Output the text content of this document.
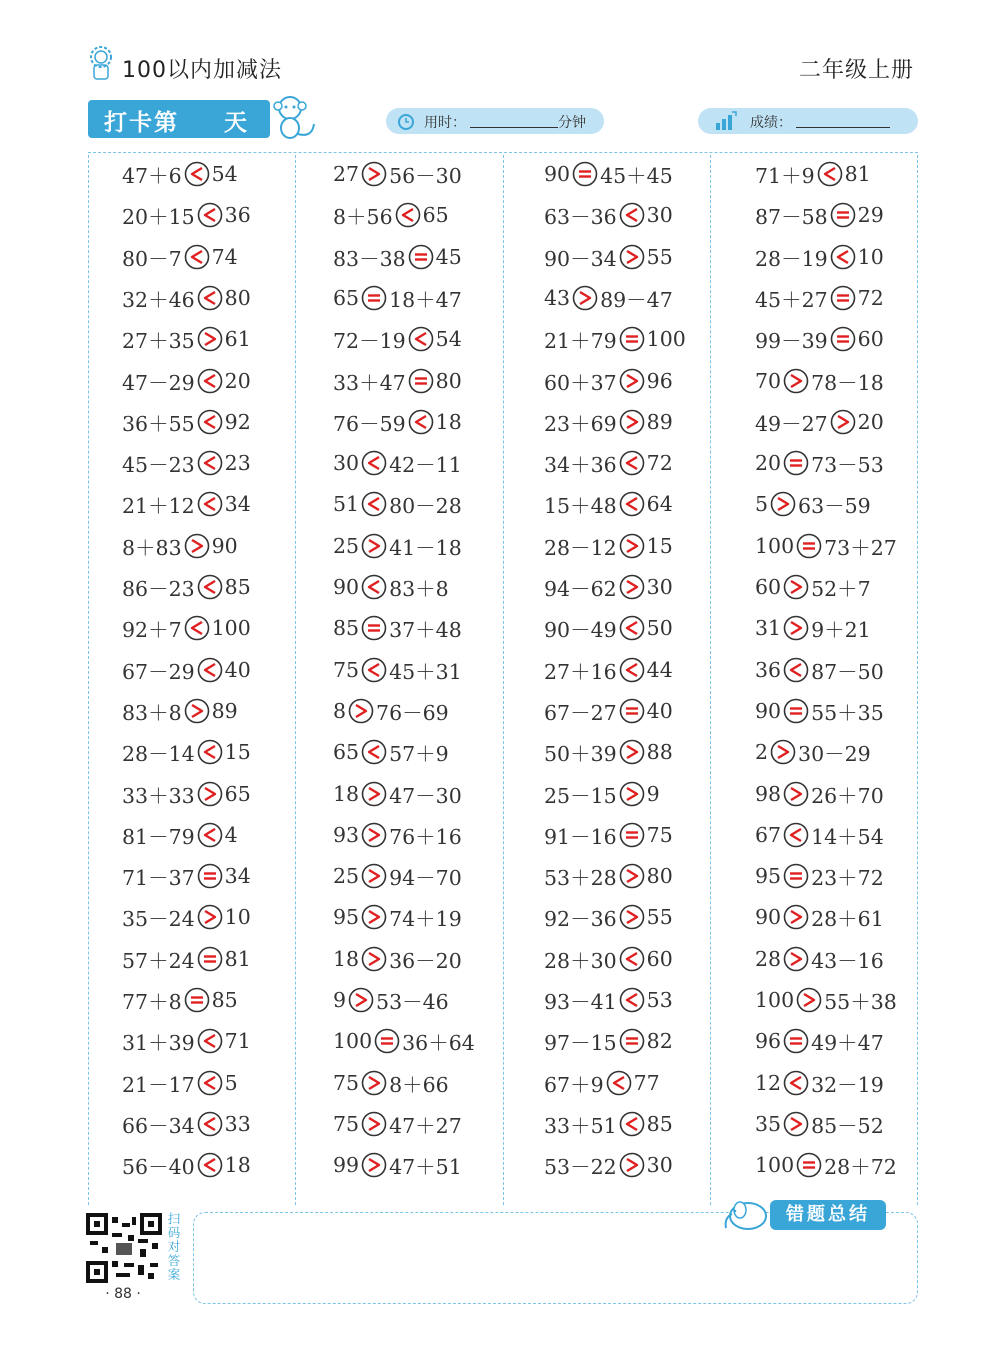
100以内加减法	二年级上册
打卡第 天	用时：	分钟	成绩：
47＋6 54
20＋15 36
80－7 74
32＋46 80
27＋35 61
47－29 20
36＋55 92
45－23 23
21＋12 34
8＋83 90
86－23 85
92＋7 100
67－29 40
83＋8 89
28－14 15
33＋33 65
81－79 4
71－37 34
35－24 10
57＋24 81
77＋8 85
31＋39 71
21－17 5
66－34 33
56－40 18
27 56－30
8＋56 65
83－38 45
65 18＋47
72－19 54
33＋47 80
76－59 18
30 42－11
51 80－28
25 41－18
90 83＋8
85 37＋48
75 45＋31
8 76－69
65 57＋9
18 47－30
93 76＋16
25 94－70
95 74＋19
18 36－20
9 53－46
100 36＋64
75 8＋66
75 47＋27
99 47＋51
90 45＋45
63－36 30
90－34 55
43 89－47
21＋79 100
60＋37 96
23＋69 89
34＋36 72
15＋48 64
28－12 15
94－62 30
90－49 50
27＋16 44
67－27 40
50＋39 88
25－15 9
91－16 75
53＋28 80
92－36 55
28＋30 60
93－41 53
97－15 82
67＋9 77
33＋51 85
53－22 30
71＋9 81
87－58 29
28－19 10
45＋27 72
99－39 60
70 78－18
49－27 20
20 73－53
5 63－59
100 73＋27
60 52＋7
31 9＋21
36 87－50
90 55＋35
2 30－29
98 26＋70
67 14＋54
95 23＋72
90 28＋61
28 43－16
100 55＋38
96 49＋47
12 32－19
35 85－52
100 28＋72
扫码对答案
· 88 ·
错题总结
